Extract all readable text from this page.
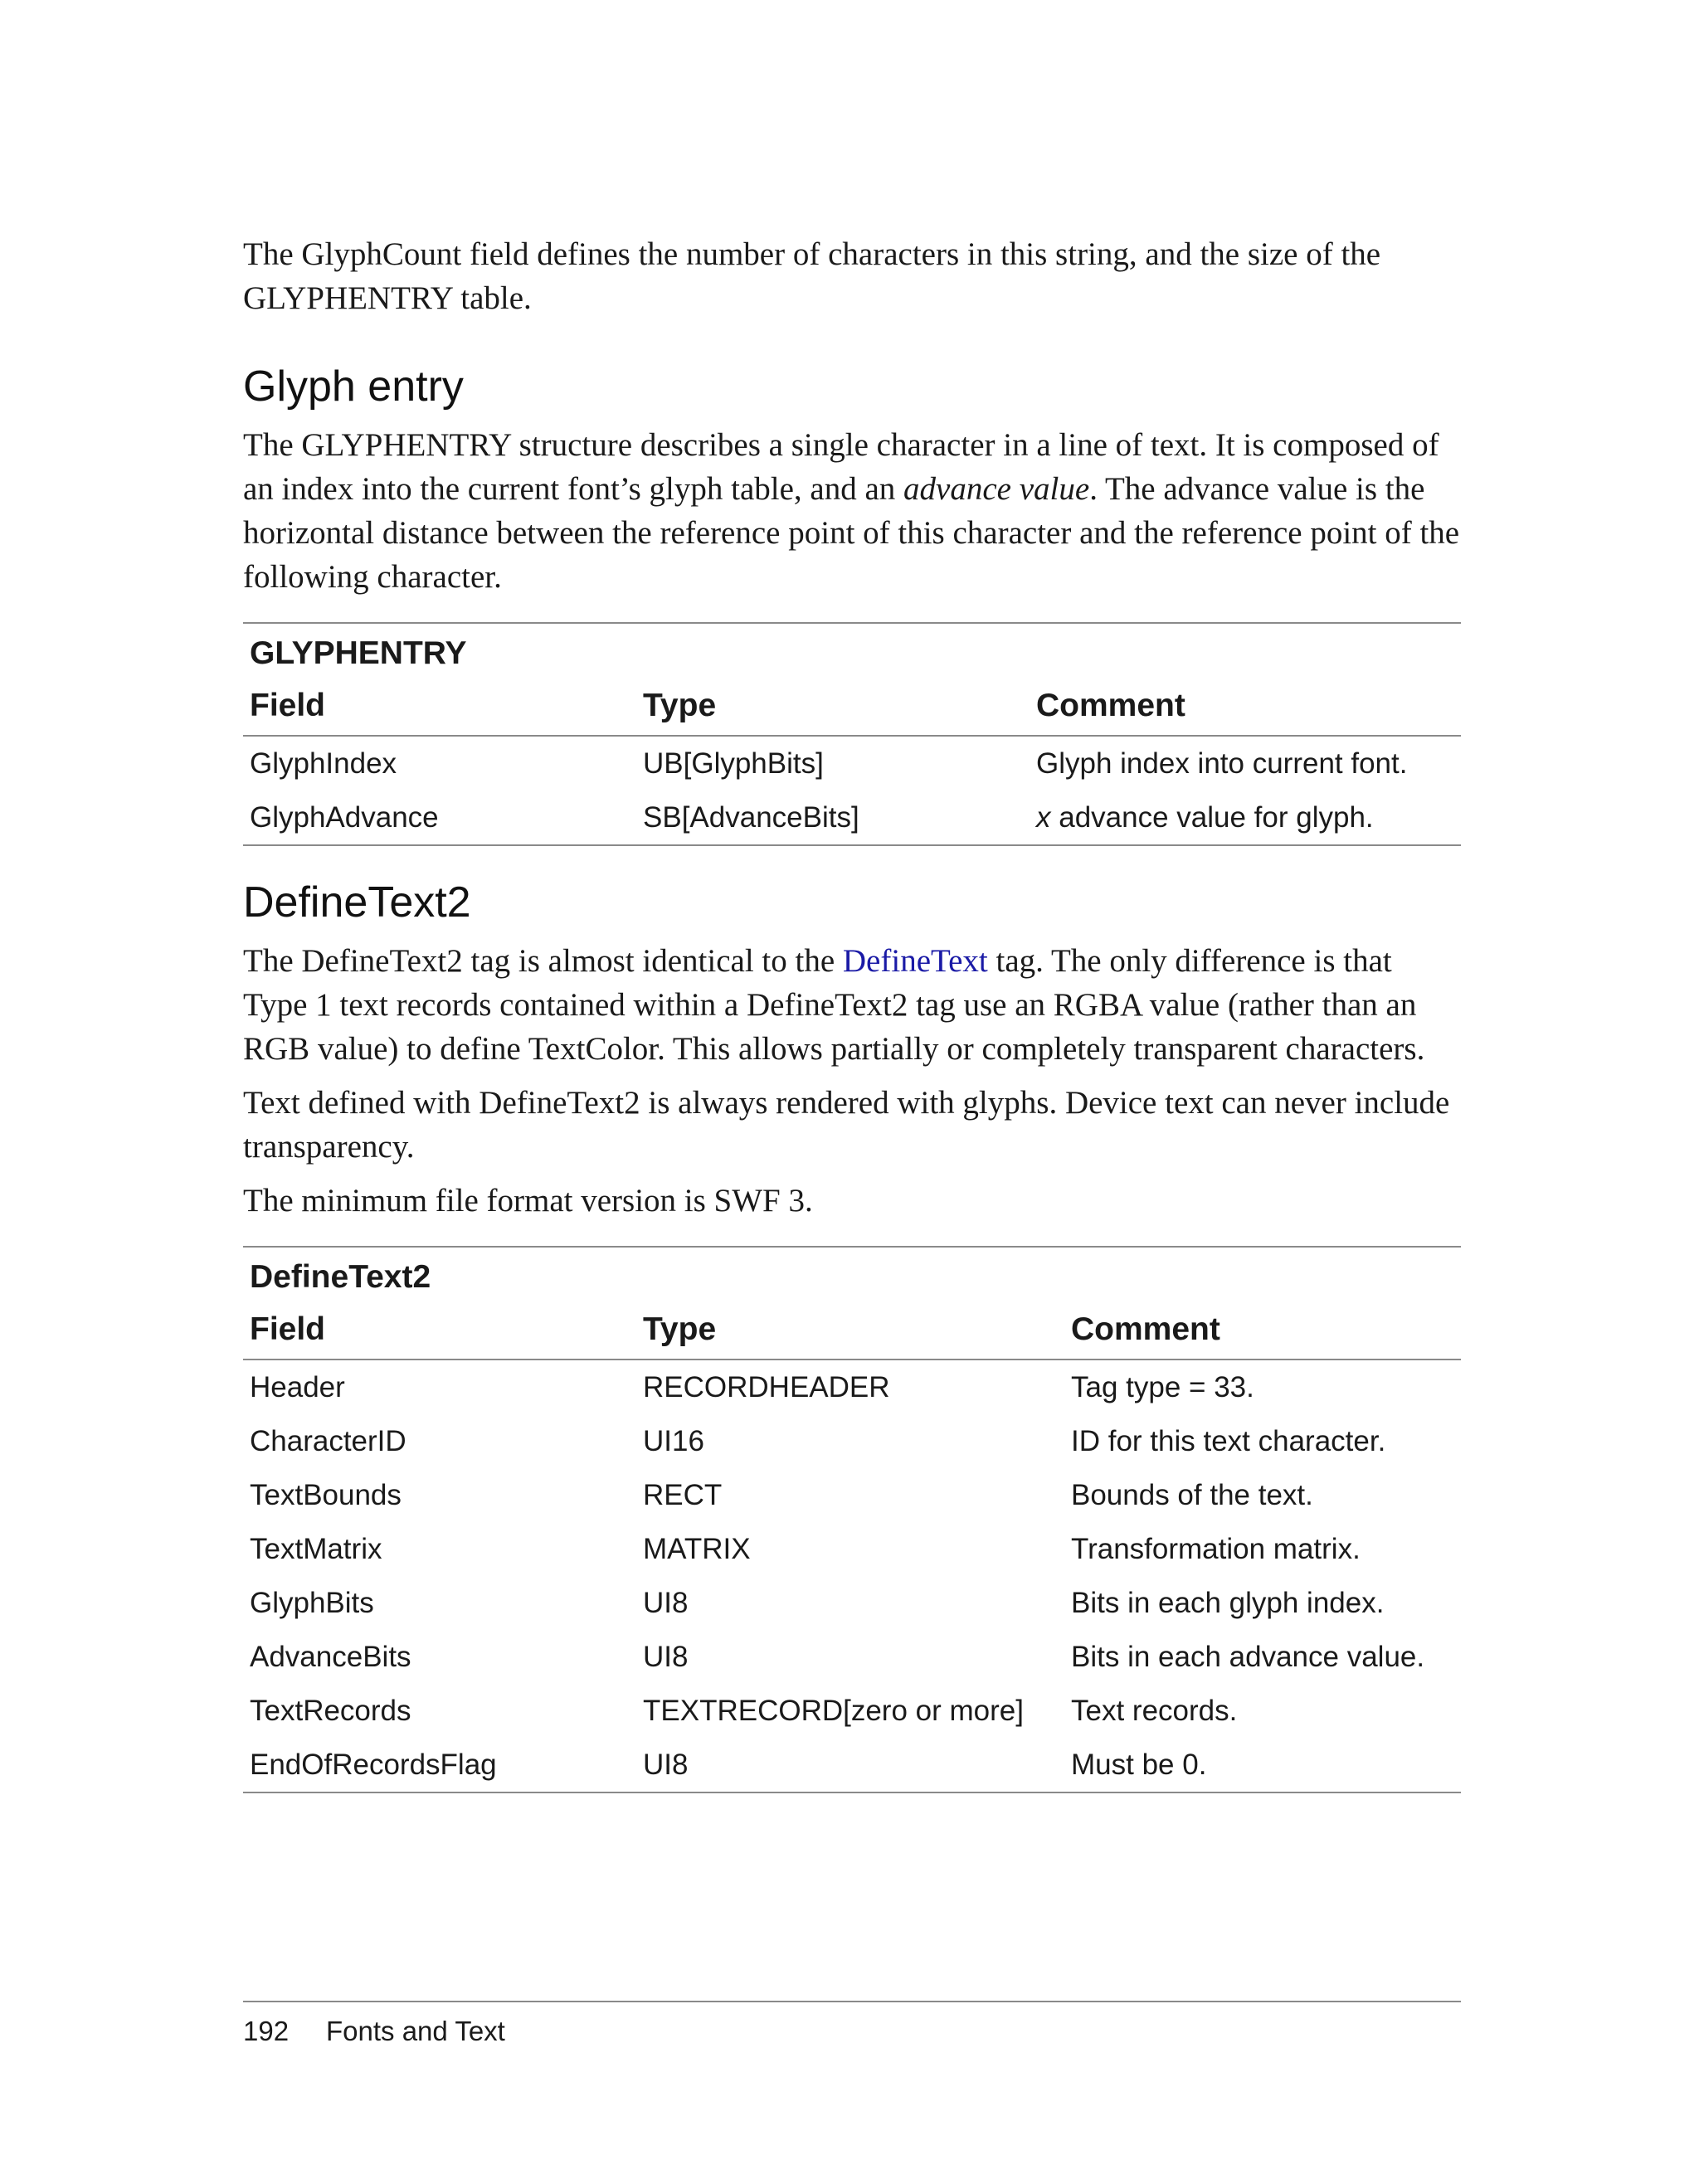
The GlyphCount field defines the number of characters in this string, and the size of the GLYPHENTRY table.

Glyph entry

The GLYPHENTRY structure describes a single character in a line of text. It is composed of an index into the current font’s glyph table, and an advance value. The advance value is the horizontal distance between the reference point of this character and the reference point of the following character.

GLYPHENTRY
Field	Type	Comment
GlyphIndex	UB[GlyphBits]	Glyph index into current font.
GlyphAdvance	SB[AdvanceBits]	x advance value for glyph.
DefineText2

The DefineText2 tag is almost identical to the DefineText tag. The only difference is that Type 1 text records contained within a DefineText2 tag use an RGBA value (rather than an RGB value) to define TextColor. This allows partially or completely transparent characters.

Text defined with DefineText2 is always rendered with glyphs. Device text can never include transparency.

The minimum file format version is SWF 3.

DefineText2
Field	Type	Comment
Header	RECORDHEADER	Tag type = 33.
CharacterID	UI16	ID for this text character.
TextBounds	RECT	Bounds of the text.
TextMatrix	MATRIX	Transformation matrix.
GlyphBits	UI8	Bits in each glyph index.
AdvanceBits	UI8	Bits in each advance value.
TextRecords	TEXTRECORD[zero or more]	Text records.
EndOfRecordsFlag	UI8	Must be 0.
192 Fonts and Text
